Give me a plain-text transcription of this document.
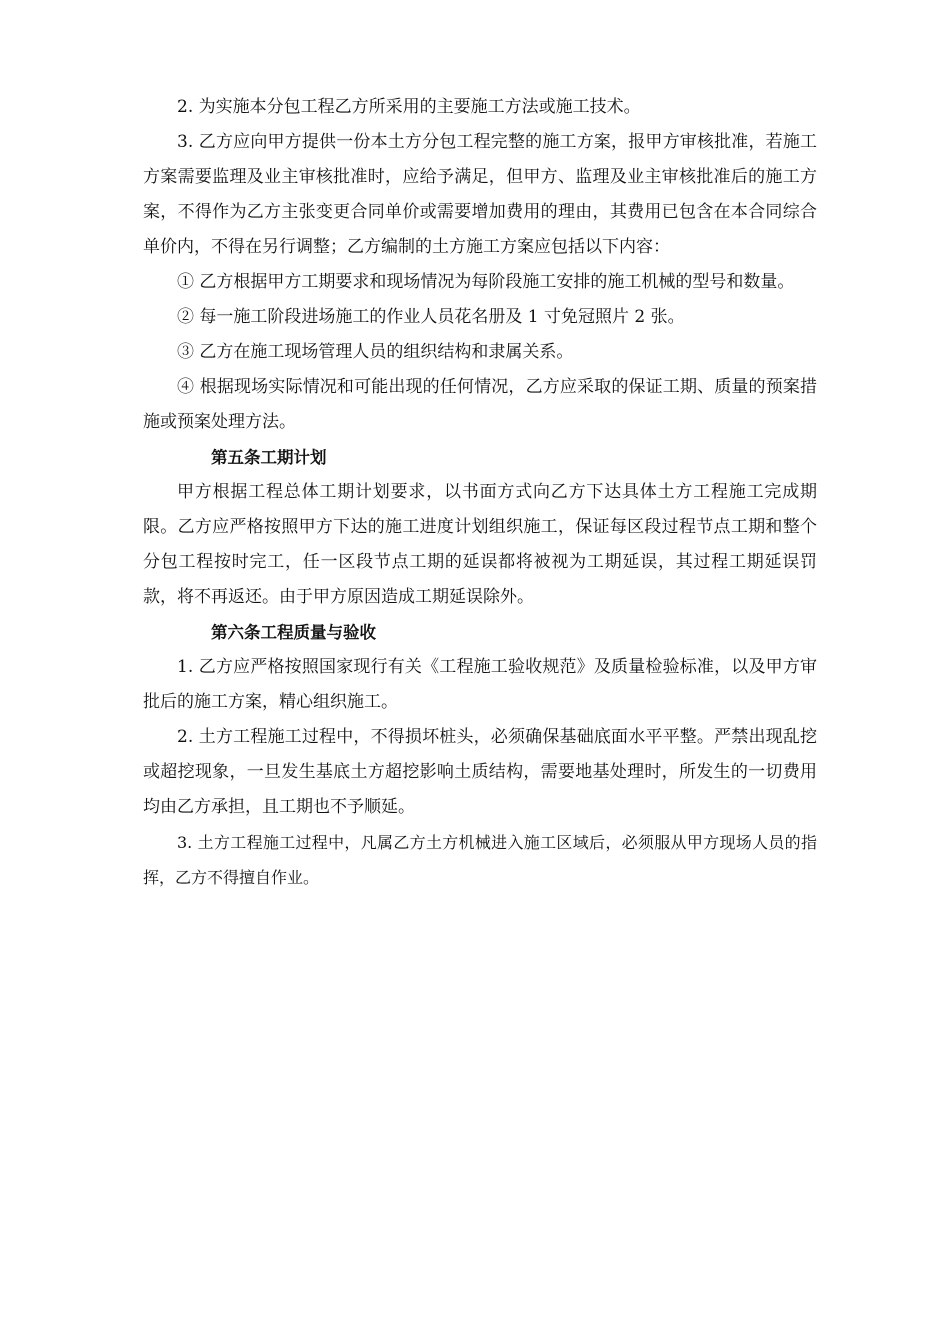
2. 为实施本分包工程乙方所采用的主要施工方法或施工技术。

3. 乙方应向甲方提供一份本土方分包工程完整的施工方案，报甲方审核批准，若施工方案需要监理及业主审核批准时，应给予满足，但甲方、监理及业主审核批准后的施工方案，不得作为乙方主张变更合同单价或需要增加费用的理由，其费用已包含在本合同综合单价内，不得在另行调整；乙方编制的土方施工方案应包括以下内容：

① 乙方根据甲方工期要求和现场情况为每阶段施工安排的施工机械的型号和数量。

② 每一施工阶段进场施工的作业人员花名册及 1 寸免冠照片 2 张。

③ 乙方在施工现场管理人员的组织结构和隶属关系。

④ 根据现场实际情况和可能出现的任何情况，乙方应采取的保证工期、质量的预案措施或预案处理方法。

第五条工期计划

甲方根据工程总体工期计划要求，以书面方式向乙方下达具体土方工程施工完成期限。乙方应严格按照甲方下达的施工进度计划组织施工，保证每区段过程节点工期和整个分包工程按时完工，任一区段节点工期的延误都将被视为工期延误，其过程工期延误罚款，将不再返还。由于甲方原因造成工期延误除外。

第六条工程质量与验收

1. 乙方应严格按照国家现行有关《工程施工验收规范》及质量检验标准，以及甲方审批后的施工方案，精心组织施工。

2. 土方工程施工过程中，不得损坏桩头，必须确保基础底面水平平整。严禁出现乱挖或超挖现象，一旦发生基底土方超挖影响土质结构，需要地基处理时，所发生的一切费用均由乙方承担，且工期也不予顺延。

3. 土方工程施工过程中，凡属乙方土方机械进入施工区域后，必须服从甲方现场人员的指挥，乙方不得擅自作业。
